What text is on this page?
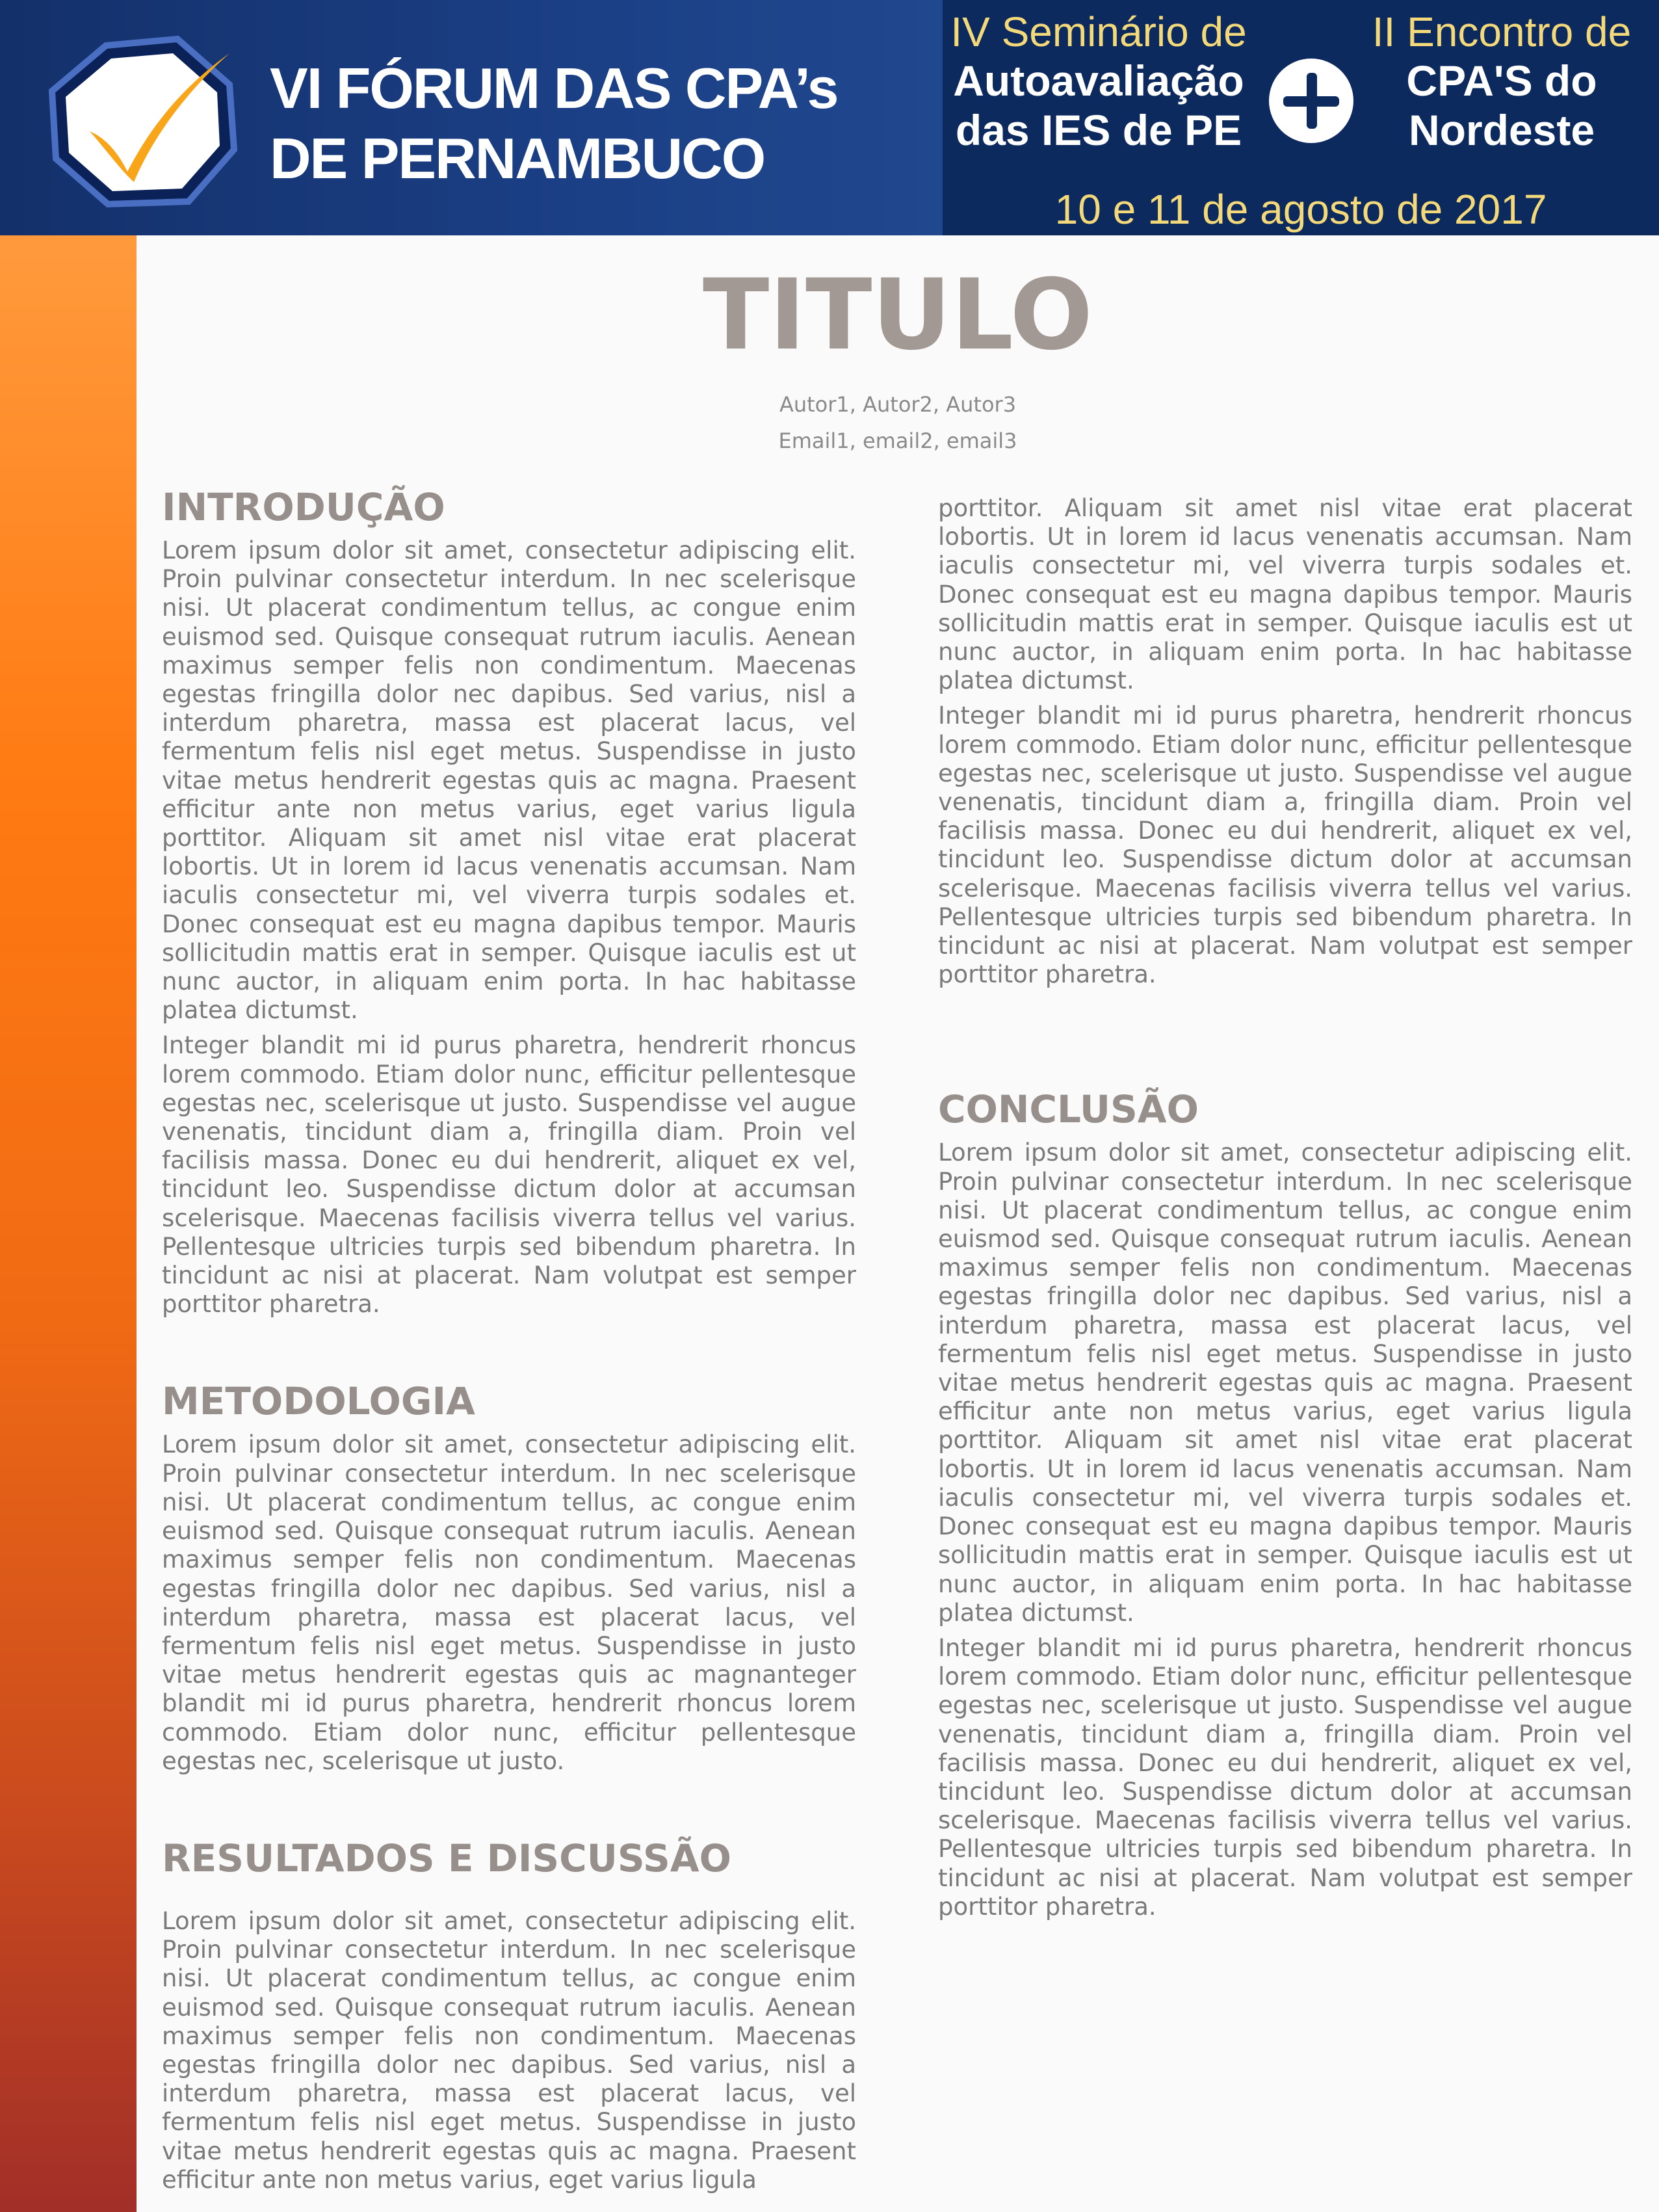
VI FÓRUM DAS CPA’s
DE PERNAMBUCO
IV Seminário de
Autoavaliação
das IES de PE
II Encontro de
CPA'S do
Nordeste
10 e 11 de agosto de 2017
TITULO
Autor1, Autor2, Autor3
Email1, email2, email3
INTRODUÇÃO

Lorem ipsum dolor sit amet, consectetur adipiscing elit. Proin pulvinar consectetur interdum. In nec scelerisque nisi. Ut placerat condimentum tellus, ac congue enim euismod sed. Quisque consequat rutrum iaculis. Aenean maximus semper felis non condimentum. Maecenas egestas fringilla dolor nec dapibus. Sed varius, nisl a interdum pharetra, massa est placerat lacus, vel fermentum felis nisl eget metus. Suspendisse in justo vitae metus hendrerit egestas quis ac magna. Praesent efficitur ante non metus varius, eget varius ligula porttitor. Aliquam sit amet nisl vitae erat placerat lobortis. Ut in lorem id lacus venenatis accumsan. Nam iaculis consectetur mi, vel viverra turpis sodales et. Donec consequat est eu magna dapibus tempor. Mauris sollicitudin mattis erat in semper. Quisque iaculis est ut nunc auctor, in aliquam enim porta. In hac habitasse platea dictumst.

Integer blandit mi id purus pharetra, hendrerit rhoncus lorem commodo. Etiam dolor nunc, efficitur pellentesque egestas nec, scelerisque ut justo. Suspendisse vel augue venenatis, tincidunt diam a, fringilla diam. Proin vel facilisis massa. Donec eu dui hendrerit, aliquet ex vel, tincidunt leo. Suspendisse dictum dolor at accumsan scelerisque. Maecenas facilisis viverra tellus vel varius. Pellentesque ultricies turpis sed bibendum pharetra. In tincidunt ac nisi at placerat. Nam volutpat est semper porttitor pharetra.

METODOLOGIA

Lorem ipsum dolor sit amet, consectetur adipiscing elit. Proin pulvinar consectetur interdum. In nec scelerisque nisi. Ut placerat condimentum tellus, ac congue enim euismod sed. Quisque consequat rutrum iaculis. Aenean maximus semper felis non condimentum. Maecenas egestas fringilla dolor nec dapibus. Sed varius, nisl a interdum pharetra, massa est placerat lacus, vel fermentum felis nisl eget metus. Suspendisse in justo vitae metus hendrerit egestas quis ac magnanteger blandit mi id purus pharetra, hendrerit rhoncus lorem commodo. Etiam dolor nunc, efficitur pellentesque egestas nec, scelerisque ut justo.

RESULTADOS E DISCUSSÃO

Lorem ipsum dolor sit amet, consectetur adipiscing elit. Proin pulvinar consectetur interdum. In nec scelerisque nisi. Ut placerat condimentum tellus, ac congue enim euismod sed. Quisque consequat rutrum iaculis. Aenean maximus semper felis non condimentum. Maecenas egestas fringilla dolor nec dapibus. Sed varius, nisl a interdum pharetra, massa est placerat lacus, vel fermentum felis nisl eget metus. Suspendisse in justo vitae metus hendrerit egestas quis ac magna. Praesent efficitur ante non metus varius, eget varius ligula

porttitor. Aliquam sit amet nisl vitae erat placerat lobortis. Ut in lorem id lacus venenatis accumsan. Nam iaculis consectetur mi, vel viverra turpis sodales et. Donec consequat est eu magna dapibus tempor. Mauris sollicitudin mattis erat in semper. Quisque iaculis est ut nunc auctor, in aliquam enim porta. In hac habitasse platea dictumst.

Integer blandit mi id purus pharetra, hendrerit rhoncus lorem commodo. Etiam dolor nunc, efficitur pellentesque egestas nec, scelerisque ut justo. Suspendisse vel augue venenatis, tincidunt diam a, fringilla diam. Proin vel facilisis massa. Donec eu dui hendrerit, aliquet ex vel, tincidunt leo. Suspendisse dictum dolor at accumsan scelerisque. Maecenas facilisis viverra tellus vel varius. Pellentesque ultricies turpis sed bibendum pharetra. In tincidunt ac nisi at placerat. Nam volutpat est semper porttitor pharetra.

CONCLUSÃO

Lorem ipsum dolor sit amet, consectetur adipiscing elit. Proin pulvinar consectetur interdum. In nec scelerisque nisi. Ut placerat condimentum tellus, ac congue enim euismod sed. Quisque consequat rutrum iaculis. Aenean maximus semper felis non condimentum. Maecenas egestas fringilla dolor nec dapibus. Sed varius, nisl a interdum pharetra, massa est placerat lacus, vel fermentum felis nisl eget metus. Suspendisse in justo vitae metus hendrerit egestas quis ac magna. Praesent efficitur ante non metus varius, eget varius ligula porttitor. Aliquam sit amet nisl vitae erat placerat lobortis. Ut in lorem id lacus venenatis accumsan. Nam iaculis consectetur mi, vel viverra turpis sodales et. Donec consequat est eu magna dapibus tempor. Mauris sollicitudin mattis erat in semper. Quisque iaculis est ut nunc auctor, in aliquam enim porta. In hac habitasse platea dictumst.

Integer blandit mi id purus pharetra, hendrerit rhoncus lorem commodo. Etiam dolor nunc, efficitur pellentesque egestas nec, scelerisque ut justo. Suspendisse vel augue venenatis, tincidunt diam a, fringilla diam. Proin vel facilisis massa. Donec eu dui hendrerit, aliquet ex vel, tincidunt leo. Suspendisse dictum dolor at accumsan scelerisque. Maecenas facilisis viverra tellus vel varius. Pellentesque ultricies turpis sed bibendum pharetra. In tincidunt ac nisi at placerat. Nam volutpat est semper porttitor pharetra.
